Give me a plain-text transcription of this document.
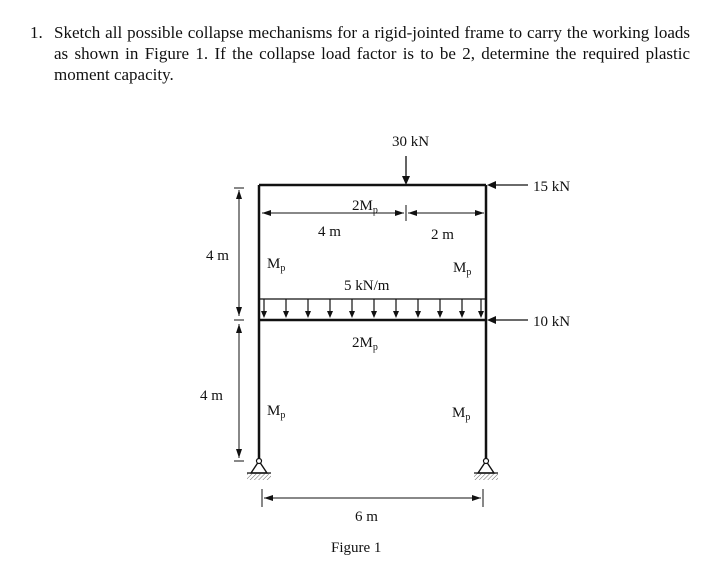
1. Sketch all possible collapse mechanisms for a rigid-jointed frame to carry the working loads as shown in Figure 1. If the collapse load factor is to be 2, determine the required plastic moment capacity.
30 kN
15 kN
10 kN
5 kN/m
4 m	2 m
4 m
4 m
6 m
$2M_p$
$2M_p$
$M_p$	$M_p$
$M_p$	$M_p$
Figure 1
